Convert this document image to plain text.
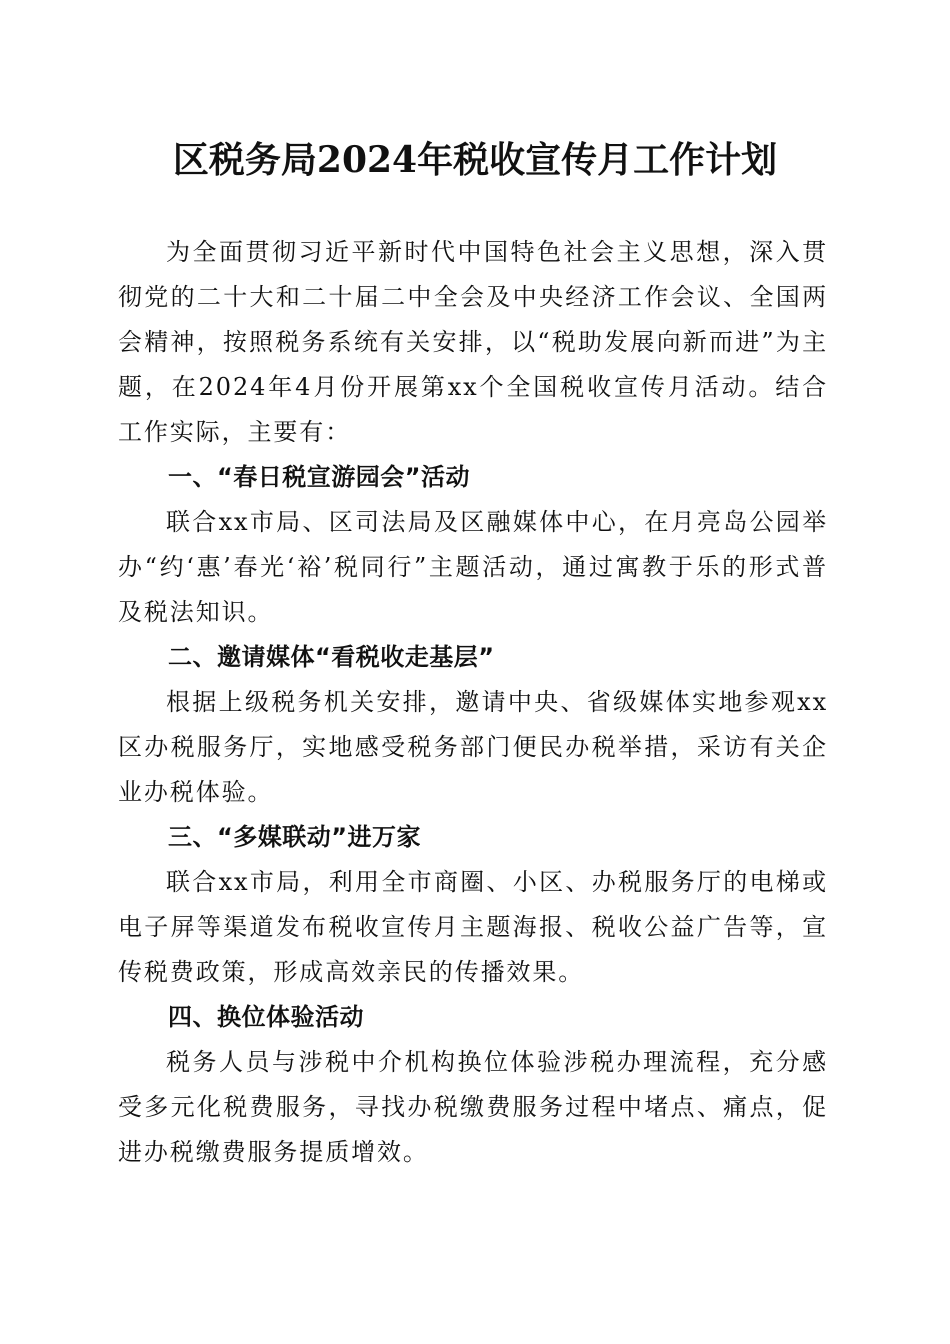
区税务局2024年税收宣传月工作计划

为全面贯彻习近平新时代中国特色社会主义思想，深入贯彻党的二十大和二十届二中全会及中央经济工作会议、全国两会精神，按照税务系统有关安排，以“税助发展向新而进”为主题，在2024年4月份开展第xx个全国税收宣传月活动。结合工作实际，主要有：

一、“春日税宣游园会”活动

联合xx市局、区司法局及区融媒体中心，在月亮岛公园举办“约‘惠’春光‘裕’税同行”主题活动，通过寓教于乐的形式普及税法知识。

二、邀请媒体“看税收走基层”

根据上级税务机关安排，邀请中央、省级媒体实地参观xx区办税服务厅，实地感受税务部门便民办税举措，采访有关企业办税体验。

三、“多媒联动”进万家

联合xx市局，利用全市商圈、小区、办税服务厅的电梯或电子屏等渠道发布税收宣传月主题海报、税收公益广告等，宣传税费政策，形成高效亲民的传播效果。

四、换位体验活动

税务人员与涉税中介机构换位体验涉税办理流程，充分感受多元化税费服务，寻找办税缴费服务过程中堵点、痛点，促进办税缴费服务提质增效。
